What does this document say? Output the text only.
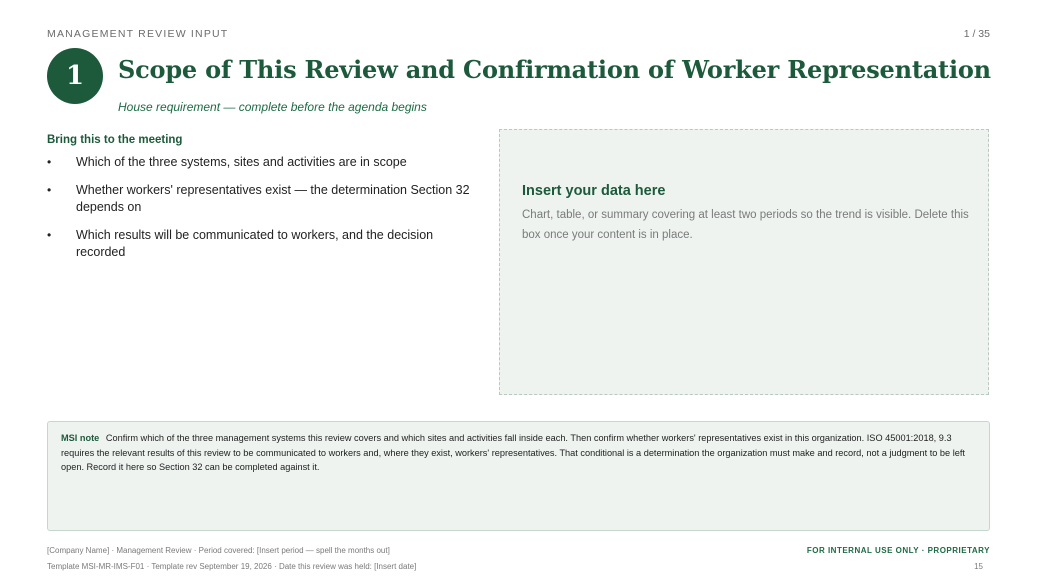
MANAGEMENT REVIEW INPUT	1 / 35
1	Scope of This Review and Confirmation of Worker Representation
House requirement — complete before the agenda begins
Bring this to the meeting
• Which of the three systems, sites and activities are in scope
• Whether workers' representatives exist — the determination Section 32 depends on
• Which results will be communicated to workers, and the decision recorded
Insert your data here
Chart, table, or summary covering at least two periods so the trend is visible. Delete this box once your content is in place.
MSI note Confirm which of the three management systems this review covers and which sites and activities fall inside each. Then confirm whether workers' representatives exist in this organization. ISO 45001:2018, 9.3 requires the relevant results of this review to be communicated to workers and, where they exist, workers' representatives. That conditional is a determination the organization must make and record, not a judgment to be left open. Record it here so Section 32 can be completed against it.
[Company Name] · Management Review · Period covered: [Insert period — spell the months out]
Template MSI-MR-IMS-F01 · Template rev September 19, 2026 · Date this review was held: [Insert date]
FOR INTERNAL USE ONLY · PROPRIETARY
15
